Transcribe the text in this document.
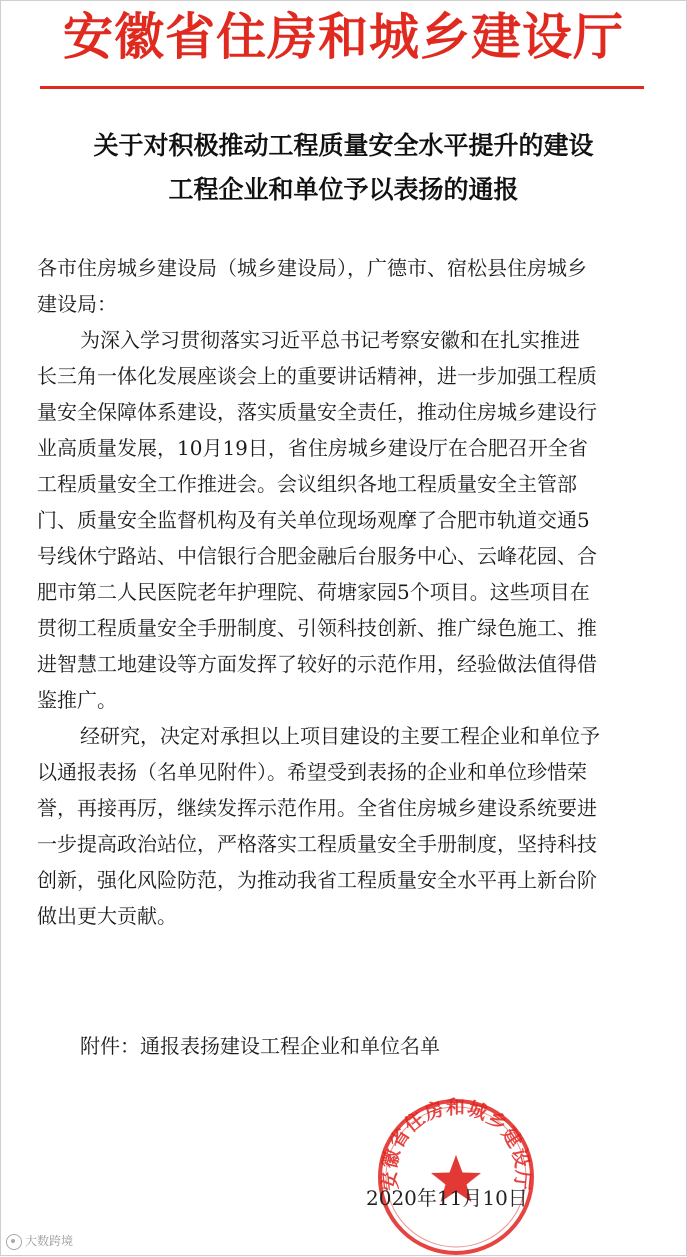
安徽省住房和城乡建设厅
关于对积极推动工程质量安全水平提升的建设
工程企业和单位予以表扬的通报
各市住房城乡建设局（城乡建设局），广德市、宿松县住房城乡
建设局：
为深入学习贯彻落实习近平总书记考察安徽和在扎实推进
长三角一体化发展座谈会上的重要讲话精神，进一步加强工程质
量安全保障体系建设，落实质量安全责任，推动住房城乡建设行
业高质量发展，10月19日，省住房城乡建设厅在合肥召开全省
工程质量安全工作推进会。会议组织各地工程质量安全主管部
门、质量安全监督机构及有关单位现场观摩了合肥市轨道交通5
号线休宁路站、中信银行合肥金融后台服务中心、云峰花园、合
肥市第二人民医院老年护理院、荷塘家园5个项目。这些项目在
贯彻工程质量安全手册制度、引领科技创新、推广绿色施工、推
进智慧工地建设等方面发挥了较好的示范作用，经验做法值得借
鉴推广。
经研究，决定对承担以上项目建设的主要工程企业和单位予
以通报表扬（名单见附件）。希望受到表扬的企业和单位珍惜荣
誉，再接再厉，继续发挥示范作用。全省住房城乡建设系统要进
一步提高政治站位，严格落实工程质量安全手册制度，坚持科技
创新，强化风险防范，为推动我省工程质量安全水平再上新台阶
做出更大贡献。
附件：通报表扬建设工程企业和单位名单
安徽省住房和城乡建设厅
2020年11月10日
大数跨境
